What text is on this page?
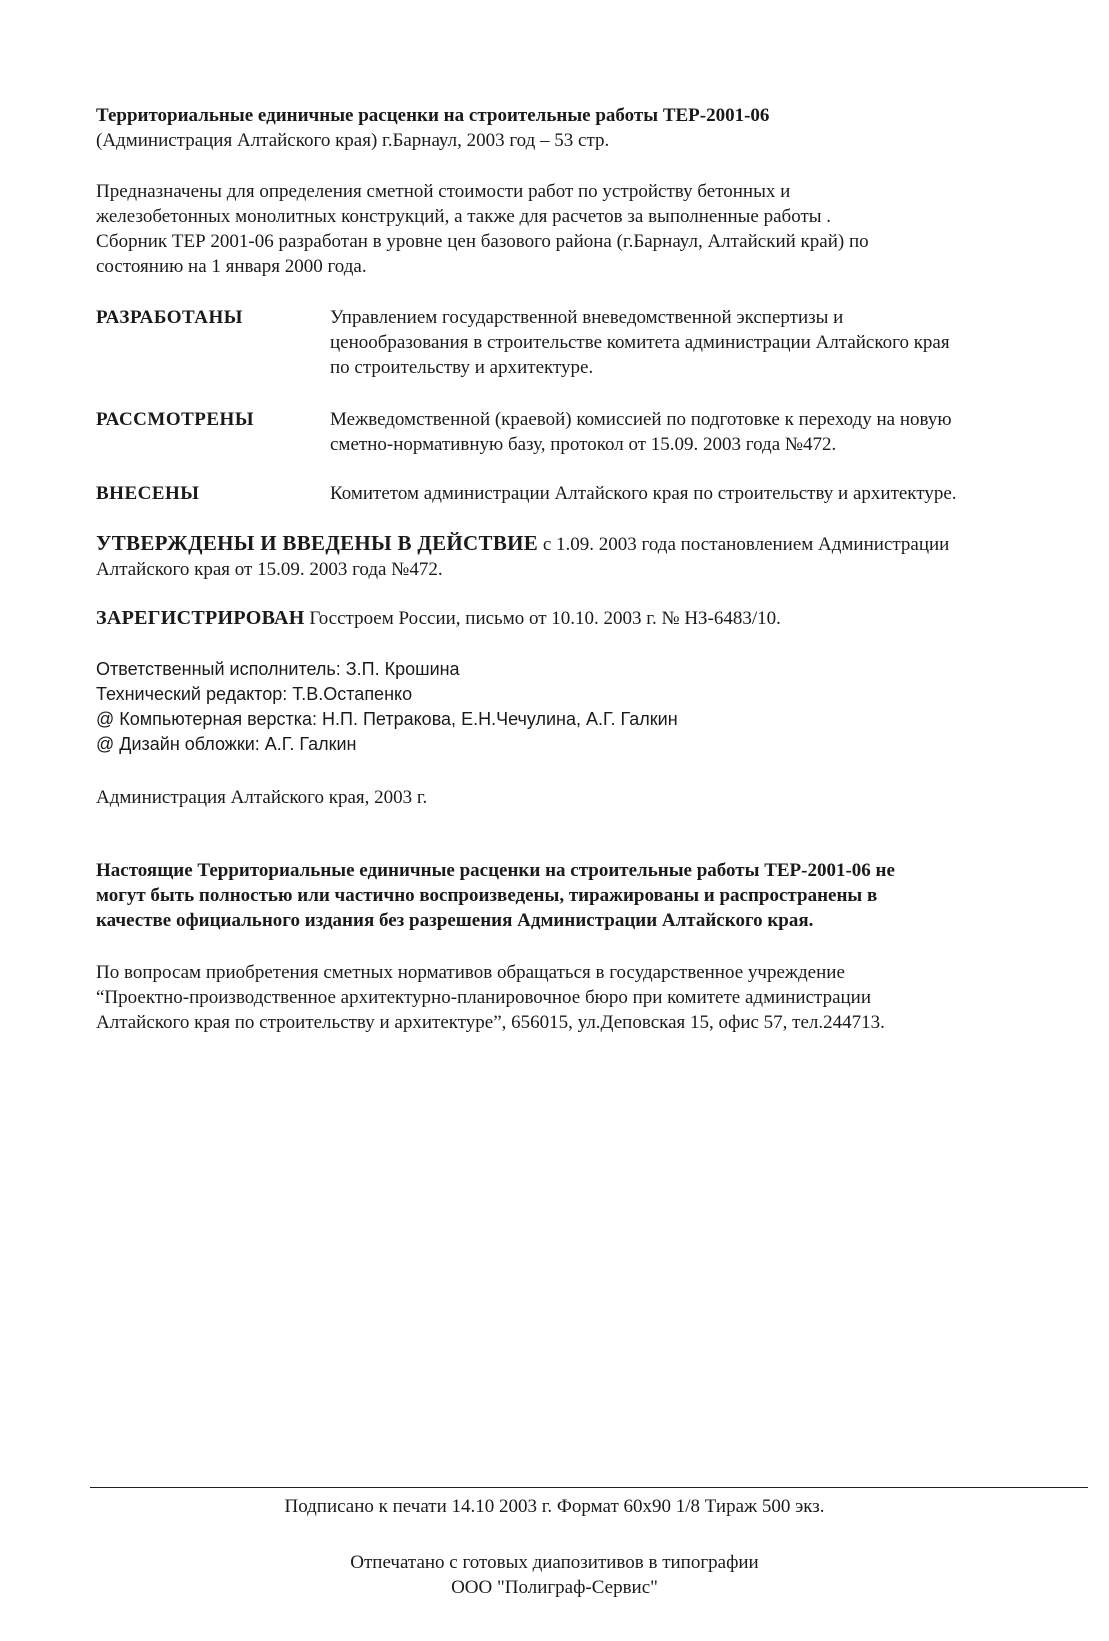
Территориальные единичные расценки на строительные работы ТЕР-2001-06

(Администрация Алтайского края) г.Барнаул, 2003 год – 53 стр.

Предназначены для определения сметной стоимости работ по устройству бетонных и

железобетонных монолитных конструкций, а также для расчетов за выполненные работы .

Сборник ТЕР 2001-06 разработан в уровне цен базового района (г.Барнаул, Алтайский край) по

состоянию на 1 января 2000 года.

РАЗРАБОТАНЫ	Управлением государственной вневедомственной экспертизы и

ценообразования в строительстве комитета администрации Алтайского края

по строительству и архитектуре.

РАССМОТРЕНЫ	Межведомственной (краевой) комиссией по подготовке к переходу на новую

сметно-нормативную базу, протокол от 15.09. 2003 года №472.

ВНЕСЕНЫ	Комитетом администрации Алтайского края по строительству и архитектуре.

УТВЕРЖДЕНЫ И ВВЕДЕНЫ В ДЕЙСТВИЕ с 1.09. 2003 года постановлением Администрации

Алтайского края от 15.09. 2003 года №472.

ЗАРЕГИСТРИРОВАН Госстроем России, письмо от 10.10. 2003 г. № НЗ-6483/10.

Ответственный исполнитель: З.П. Крошина

Технический редактор: Т.В.Остапенко

@ Компьютерная верстка: Н.П. Петракова, Е.Н.Чечулина, А.Г. Галкин

@ Дизайн обложки: А.Г. Галкин

Администрация Алтайского края, 2003 г.

Настоящие Территориальные единичные расценки на строительные работы ТЕР-2001-06 не

могут быть полностью или частично воспроизведены, тиражированы и распространены в

качестве официального издания без разрешения Администрации Алтайского края.

По вопросам приобретения сметных нормативов обращаться в государственное учреждение

“Проектно-производственное архитектурно-планировочное бюро при комитете администрации

Алтайского края по строительству и архитектуре”, 656015, ул.Деповская 15, офис 57, тел.244713.

Подписано к печати 14.10 2003 г. Формат 60x90 1/8 Тираж 500 экз.

Отпечатано с готовых диапозитивов в типографии

ООО "Полиграф-Сервис"
